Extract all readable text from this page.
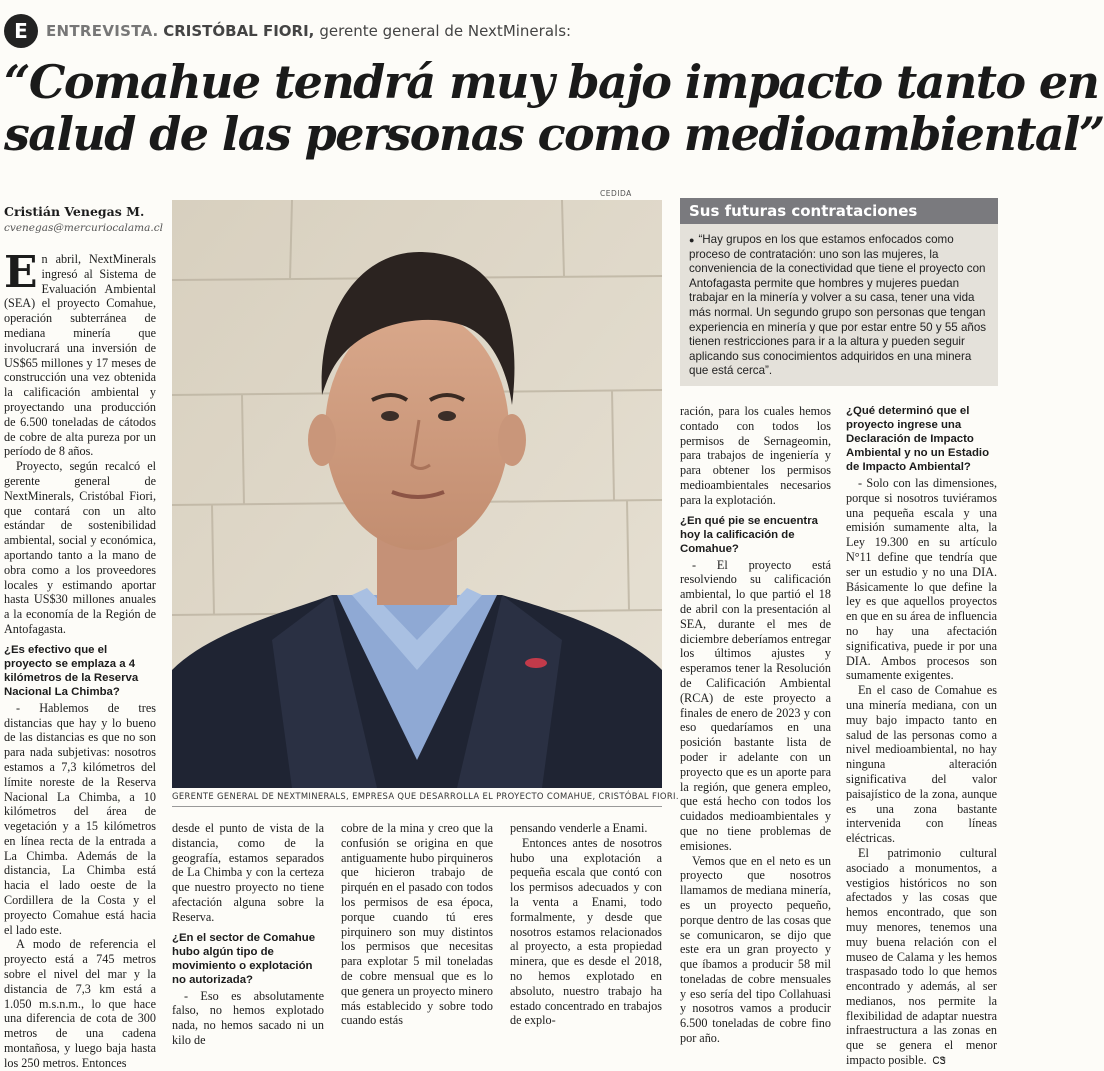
E	ENTREVISTA . CRISTÓBAL FIORI, gerente general de NextMinerals:
“Comahue tendrá muy bajo impacto tanto en
salud de las personas como medioambiental”
Cristián Venegas M.
cvenegas@mercuriocalama.cl

En abril, NextMinerals ingresó al Sistema de Evaluación Ambiental (SEA) el proyecto Comahue, operación subterránea de mediana minería que involucrará una inversión de US$65 millones y 17 meses de construcción una vez obtenida la calificación ambiental y proyectando una producción de 6.500 toneladas de cátodos de cobre de alta pureza por un período de 8 años.

Proyecto, según recalcó el gerente general de NextMinerals, Cristóbal Fiori, que contará con un alto estándar de sostenibilidad ambiental, social y económica, aportando tanto a la mano de obra como a los proveedores locales y estimando aportar hasta US$30 millones anuales a la economía de la Región de Antofagasta.

¿Es efectivo que el proyecto se emplaza a 4 kilómetros de la Reserva Nacional La Chimba?

- Hablemos de tres distancias que hay y lo bueno de las distancias es que no son para nada subjetivas: nosotros estamos a 7,3 kilómetros del límite noreste de la Reserva Nacional La Chimba, a 10 kilómetros del área de vegetación y a 15 kilómetros en línea recta de la entrada a La Chimba. Además de la distancia, La Chimba está hacia el lado oeste de la Cordillera de la Costa y el proyecto Comahue está hacia el lado este.

A modo de referencia el proyecto está a 745 metros sobre el nivel del mar y la distancia de 7,3 km está a 1.050 m.s.n.m., lo que hace una diferencia de cota de 300 metros de una cadena montañosa, y luego baja hasta los 250 metros. Entonces

CEDIDA
GERENTE GENERAL DE NEXTMINERALS, EMPRESA QUE DESARROLLA EL PROYECTO COMAHUE, CRISTÓBAL FIORI.
Sus futuras contrataciones
● “Hay grupos en los que estamos enfocados como proceso de contratación: uno son las mujeres, la conveniencia de la conectividad que tiene el proyecto con Antofagasta permite que hombres y mujeres puedan trabajar en la minería y volver a su casa, tener una vida más normal. Un segundo grupo son personas que tengan experiencia en minería y que por estar entre 50 y 55 años tienen restricciones para ir a la altura y pueden seguir aplicando sus conocimientos adquiridos en una minera que está cerca”.

desde el punto de vista de la distancia, como de la geografía, estamos separados de La Chimba y con la certeza que nuestro proyecto no tiene afectación alguna sobre la Reserva.

¿En el sector de Comahue hubo algún tipo de movimiento o explotación no autorizada?

- Eso es absolutamente falso, no hemos explotado nada, no hemos sacado ni un kilo de

cobre de la mina y creo que la confusión se origina en que antiguamente hubo pirquineros que hicieron trabajo de pirquén en el pasado con todos los permisos de esa época, porque cuando tú eres pirquinero son muy distintos los permisos que necesitas para explotar 5 mil toneladas de cobre mensual que es lo que genera un proyecto minero más establecido y sobre todo cuando estás

pensando venderle a Enami.

Entonces antes de nosotros hubo una explotación a pequeña escala que contó con los permisos adecuados y con la venta a Enami, todo formalmente, y desde que nosotros estamos relacionados al proyecto, a esta propiedad minera, que es desde el 2018, no hemos explotado en absoluto, nuestro trabajo ha estado concentrado en trabajos de explo-

ración, para los cuales hemos contado con todos los permisos de Sernageomin, para trabajos de ingeniería y para obtener los permisos medioambientales necesarios para la explotación.

¿En qué pie se encuentra hoy la calificación de Comahue?

- El proyecto está resolviendo su calificación ambiental, lo que partió el 18 de abril con la presentación al SEA, durante el mes de diciembre deberíamos entregar los últimos ajustes y esperamos tener la Resolución de Calificación Ambiental (RCA) de este proyecto a finales de enero de 2023 y con eso quedaríamos en una posición bastante lista de poder ir adelante con un proyecto que es un aporte para la región, que genera empleo, que está hecho con todos los cuidados medioambientales y que no tiene problemas de emisiones.

Vemos que en el neto es un proyecto que nosotros llamamos de mediana minería, es un proyecto pequeño, porque dentro de las cosas que se comunicaron, se dijo que este era un gran proyecto y que íbamos a producir 58 mil toneladas de cobre mensuales y eso sería del tipo Collahuasi y nosotros vamos a producir 6.500 toneladas de cobre fino por año.

¿Qué determinó que el proyecto ingrese una Declaración de Impacto Ambiental y no un Estadio de Impacto Ambiental?

- Solo con las dimensiones, porque si nosotros tuviéramos una pequeña escala y una emisión sumamente alta, la Ley 19.300 en su artículo N°11 define que tendría que ser un estudio y no una DIA. Básicamente lo que define la ley es que aquellos proyectos en que en su área de influencia no hay una afectación significativa, puede ir por una DIA. Ambos procesos son sumamente exigentes.

En el caso de Comahue es una minería mediana, con un muy bajo impacto tanto en salud de las personas como a nivel medioambiental, no hay ninguna alteración significativa del valor paisajístico de la zona, aunque es una zona bastante intervenida con líneas eléctricas.

El patrimonio cultural asociado a monumentos, a vestigios históricos no son afectados y las cosas que hemos encontrado, que son muy menores, tenemos una muy buena relación con el museo de Calama y les hemos traspasado todo lo que hemos encontrado y además, al ser medianos, nos permite la flexibilidad de adaptar nuestra infraestructura a las zonas en que se genera el menor impacto posible. ᏟᏕ
